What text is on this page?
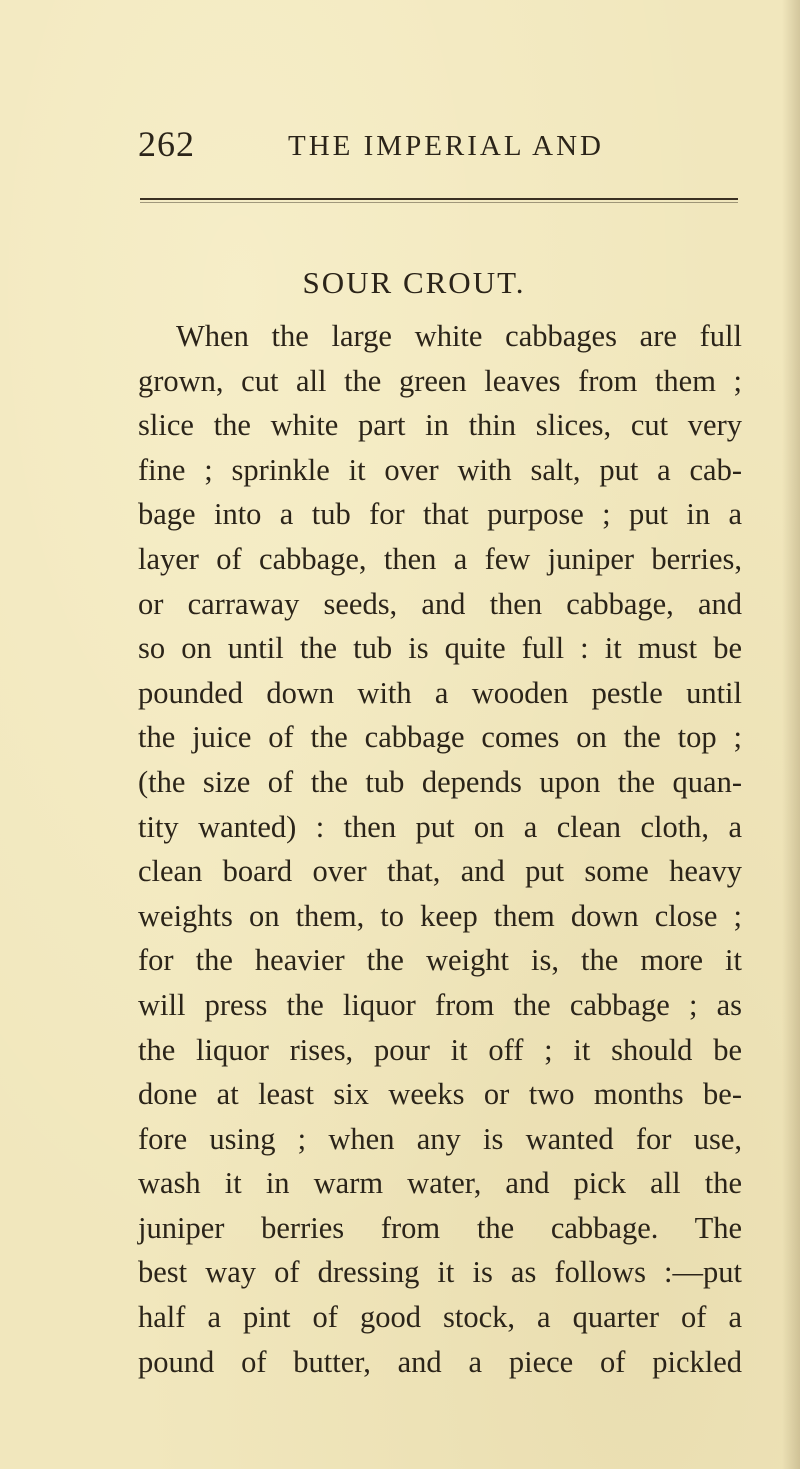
262	THE IMPERIAL AND
SOUR CROUT.
When the large white cabbages are full
grown, cut all the green leaves from them ;
slice the white part in thin slices, cut very
fine ; sprinkle it over with salt, put a cab-
bage into a tub for that purpose ; put in a
layer of cabbage, then a few juniper berries,
or carraway seeds, and then cabbage, and
so on until the tub is quite full : it must be
pounded down with a wooden pestle until
the juice of the cabbage comes on the top ;
(the size of the tub depends upon the quan-
tity wanted) : then put on a clean cloth, a
clean board over that, and put some heavy
weights on them, to keep them down close ;
for the heavier the weight is, the more it
will press the liquor from the cabbage ; as
the liquor rises, pour it off ; it should be
done at least six weeks or two months be-
fore using ; when any is wanted for use,
wash it in warm water, and pick all the
juniper berries from the cabbage. The
best way of dressing it is as follows :—put
half a pint of good stock, a quarter of a
pound of butter, and a piece of pickled
